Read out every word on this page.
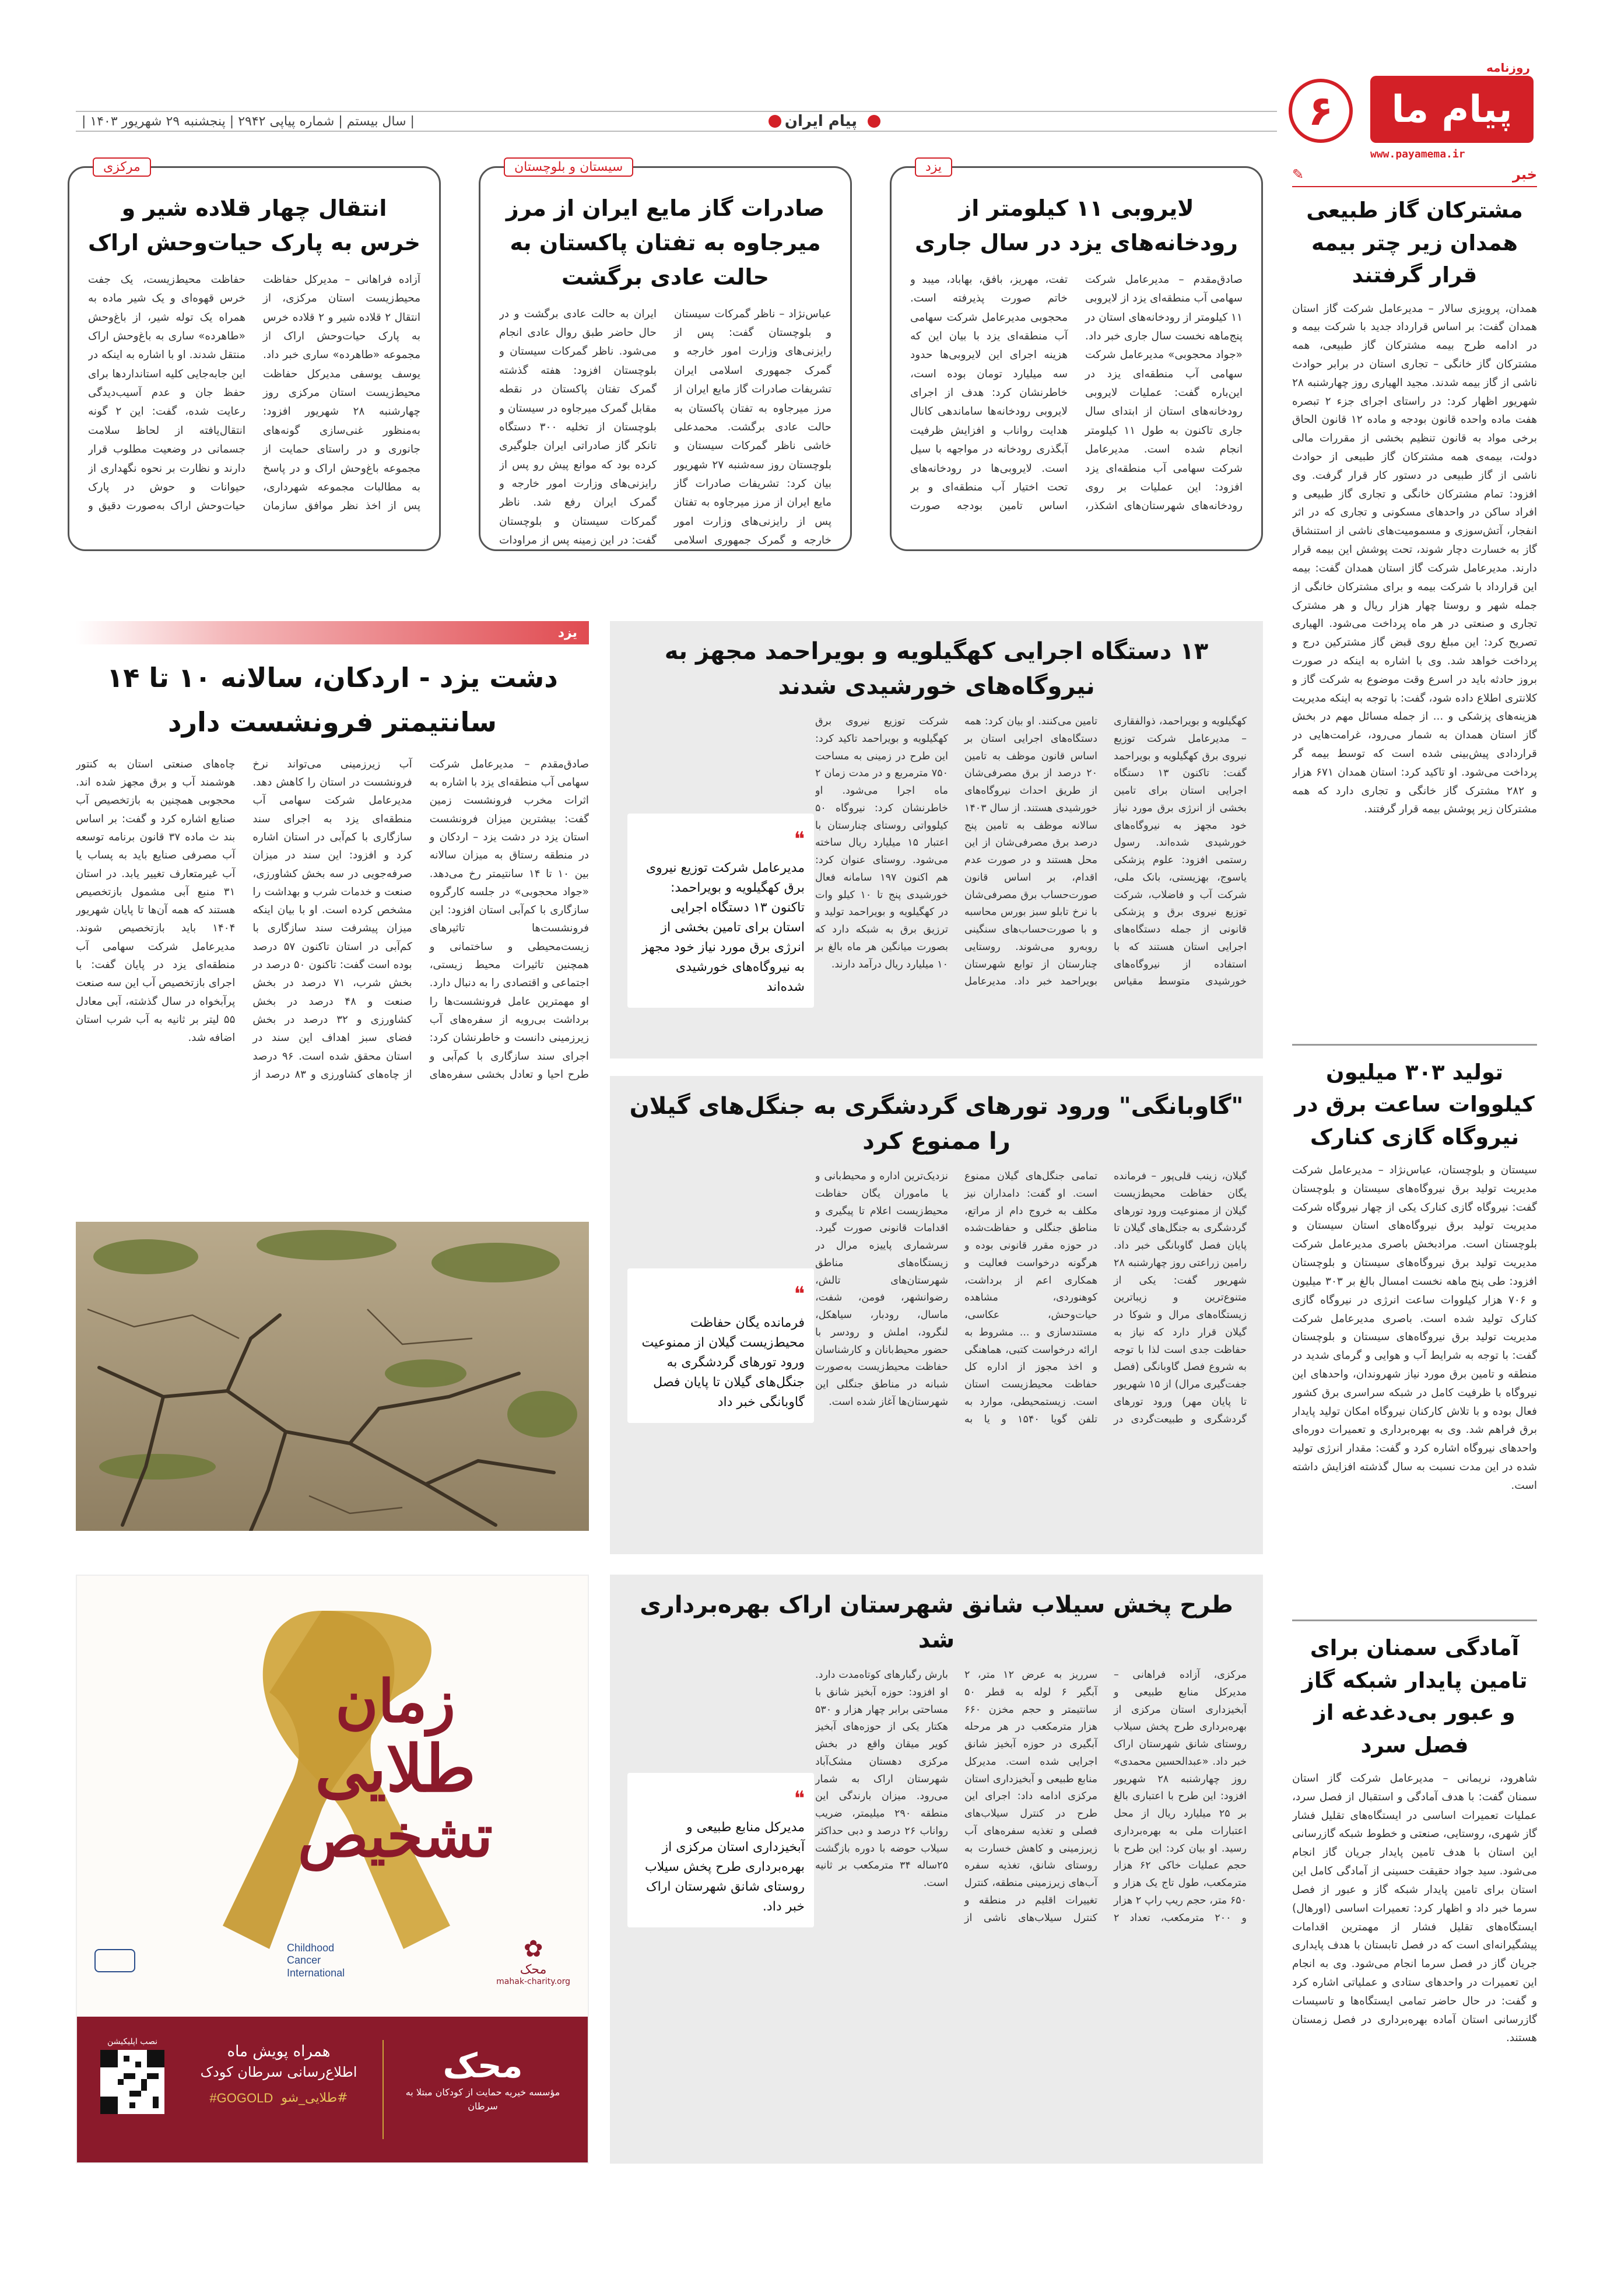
روزنامه
پیام ما
www.payamema.ir
۶
پیام ایران
| سال بیستم | شماره پیاپی ۲۹۴۲ | پنجشنبه ۲۹ شهریور ۱۴۰۳ |
خبر
✎
مشترکان گاز طبیعی همدان زیر چتر بیمه قرار گرفتند

همدان، پرویزی سالار – مدیرعامل شرکت گاز استان همدان گفت: بر اساس قرارداد جدید با شرکت بیمه و در ادامه طرح بیمه مشترکان گاز طبیعی، همه مشترکان گاز خانگی – تجاری استان در برابر حوادث ناشی از گاز بیمه شدند. مجید الهیاری روز چهارشنبه ۲۸ شهریور اظهار کرد: در راستای اجرای جزء ۲ تبصره هفت ماده واحده قانون بودجه و ماده ۱۲ قانون الحاق برخی مواد به قانون تنظیم بخشی از مقررات مالی دولت، بیمه‌ی همه مشترکان گاز طبیعی از حوادث ناشی از گاز طبیعی در دستور کار قرار گرفت. وی افزود: تمام مشترکان خانگی و تجاری گاز طبیعی و افراد ساکن در واحدهای مسکونی و تجاری که در اثر انفجار، آتش‌سوزی و مسمومیت‌های ناشی از استنشاق گاز به خسارت دچار شوند، تحت پوشش این بیمه قرار دارند. مدیرعامل شرکت گاز استان همدان گفت: بیمه این قرارداد با شرکت بیمه و برای مشترکان خانگی از جمله شهر و روستا چهار هزار ریال و هر مشترک تجاری و صنعتی در هر ماه پرداخت می‌شود. الهیاری تصریح کرد: این مبلغ روی قبض گاز مشترکین درج و پرداخت خواهد شد. وی با اشاره به اینکه در صورت بروز حادثه باید در اسرع وقت موضوع به شرکت گاز و کلانتری اطلاع داده شود، گفت: با توجه به اینکه مدیریت هزینه‌های پزشکی و ... از جمله مسائل مهم در بخش گاز استان همدان به شمار می‌رود، غرامت‌هایی در قراردادی پیش‌بینی شده است که توسط بیمه گر پرداخت می‌شود. او تاکید کرد: استان همدان ۶۷۱ هزار و ۲۸۲ مشترک گاز خانگی و تجاری دارد که همه مشترکان زیر پوشش بیمه قرار گرفتند.

تولید ۳۰۳ میلیون کیلووات ساعت برق در نیروگاه گازی کنارک

سیستان و بلوچستان، عباس‌نژاد – مدیرعامل شرکت مدیریت تولید برق نیروگاه‌های سیستان و بلوچستان گفت: نیروگاه گازی کنارک یکی از چهار نیروگاه شرکت مدیریت تولید برق نیروگاه‌های استان سیستان و بلوچستان است. مرادبخش باصری مدیرعامل شرکت مدیریت تولید برق نیروگاه‌های سیستان و بلوچستان افزود: طی پنج ماهه نخست امسال بالغ بر ۳۰۳ میلیون و ۷۰۶ هزار کیلووات ساعت انرژی در نیروگاه گازی کنارک تولید شده است. باصری مدیرعامل شرکت مدیریت تولید برق نیروگاه‌های سیستان و بلوچستان گفت: با توجه به شرایط آب و هوایی و گرمای شدید در منطقه و تامین برق مورد نیاز شهروندان، واحدهای این نیروگاه با ظرفیت کامل در شبکه سراسری برق کشور فعال بوده و با تلاش کارکنان نیروگاه امکان تولید پایدار برق فراهم شد. وی به بهره‌برداری و تعمیرات دوره‌ای واحدهای نیروگاه اشاره کرد و گفت: مقدار انرژی تولید شده در این مدت نسبت به سال گذشته افزایش داشته است.

آمادگی سمنان برای تامین پایدار شبکه گاز و عبور بی‌دغدغه از فصل سرد

شاهرود، نریمانی – مدیرعامل شرکت گاز استان سمنان گفت: با هدف آمادگی و استقبال از فصل سرد، عملیات تعمیرات اساسی در ایستگاه‌های تقلیل فشار گاز شهری، روستایی، صنعتی و خطوط شبکه گازرسانی این استان با هدف تامین پایدار جریان گاز انجام می‌شود. سید جواد حقیقت حسینی از آمادگی کامل این استان برای تامین پایدار شبکه گاز و عبور از فصل سرما خبر داد و اظهار کرد: تعمیرات اساسی (اورهال) ایستگاه‌های تقلیل فشار از مهمترین اقدامات پیشگیرانه‌ای است که در فصل تابستان با هدف پایداری جریان گاز در فصل سرما انجام می‌شود. وی به انجام این تعمیرات در واحدهای ستادی و عملیاتی اشاره کرد و گفت: در حال حاضر تمامی ایستگاه‌ها و تاسیسات گازرسانی استان آماده بهره‌برداری در فصل زمستان هستند.

یزد
لایروبی ۱۱ کیلومتر از رودخانه‌های یزد در سال جاری

صادق‌مقدم – مدیرعامل شرکت سهامی آب منطقه‌ای یزد از لایروبی ۱۱ کیلومتر از رودخانه‌های استان در پنج‌ماهه نخست سال جاری خبر داد. «جواد محجوبی» مدیرعامل شرکت سهامی آب منطقه‌ای یزد در این‌باره گفت: عملیات لایروبی رودخانه‌های استان از ابتدای سال جاری تاکنون به طول ۱۱ کیلومتر انجام شده است. مدیرعامل شرکت سهامی آب منطقه‌ای یزد افزود: این عملیات بر روی رودخانه‌های شهرستان‌های اشکذر، تفت، مهریز، بافق، بهاباد، میبد و خاتم صورت پذیرفته است. محجوبی مدیرعامل شرکت سهامی آب منطقه‌ای یزد با بیان این که هزینه اجرای این لایروبی‌ها حدود سه میلیارد تومان بوده است، خاطرنشان کرد: هدف از اجرای لایروبی رودخانه‌ها ساماندهی کانال هدایت رواناب و افزایش ظرفیت آبگذری رودخانه در مواجهه با سیل است. لایروبی‌ها در رودخانه‌های تحت اختیار آب منطقه‌ای و بر اساس تامین بودجه صورت

سیستان و بلوچستان
صادرات گاز مایع ایران از مرز میرجاوه به تفتان پاکستان به حالت عادی برگشت

عباس‌نژاد – ناظر گمرکات سیستان و بلوچستان گفت: پس از رایزنی‌های وزارت امور خارجه و گمرک جمهوری اسلامی ایران تشریفات صادرات گاز مایع ایران از مرز میرجاوه به تفتان پاکستان به حالت عادی برگشت. محمدعلی خاشی ناظر گمرکات سیستان و بلوچستان روز سه‌شنبه ۲۷ شهریور بیان کرد: تشریفات صادرات گاز مایع ایران از مرز میرجاوه به تفتان پس از رایزنی‌های وزارت امور خارجه و گمرک جمهوری اسلامی ایران به حالت عادی برگشت و در حال حاضر طبق روال عادی انجام می‌شود. ناظر گمرکات سیستان و بلوچستان افزود: هفته گذشته گمرک تفتان پاکستان در نقطه مقابل گمرک میرجاوه در سیستان و بلوچستان از تخلیه ۳۰۰ دستگاه تانکر گاز صادراتی ایران جلوگیری کرده بود که موانع پیش رو پس از رایزنی‌های وزارت امور خارجه و گمرک ایران رفع شد. ناظر گمرکات سیستان و بلوچستان گفت: در این زمینه پس از مراودات

مرکزی
انتقال چهار قلاده شیر و خرس به پارک حیات‌وحش اراک

آزاده فراهانی – مدیرکل حفاظت محیط‌زیست استان مرکزی، از انتقال ۲ قلاده شیر و ۲ قلاده خرس به پارک حیات‌وحش اراک از مجموعه «طاهرده» ساری خبر داد. یوسف یوسفی مدیرکل حفاظت محیط‌زیست استان مرکزی روز چهارشنبه ۲۸ شهریور افزود: به‌منظور غنی‌سازی گونه‌های جانوری و در راستای حمایت از مجموعه باغ‌وحش اراک و در پاسخ به مطالبات مجموعه شهرداری، پس از اخذ نظر موافق سازمان حفاظت محیط‌زیست، یک جفت خرس قهوه‌ای و یک شیر ماده به همراه یک توله شیر، از باغ‌وحش «طاهرده» ساری به باغ‌وحش اراک منتقل شدند. او با اشاره به اینکه در این جابه‌جایی کلیه استانداردها برای حفظ جان و عدم آسیب‌دیدگی رعایت شده، گفت: این ۲ گونه انتقال‌یافته از لحاظ سلامت جسمانی در وضعیت مطلوب قرار دارند و نظارت بر نحوه نگهداری از حیوانات و حوش در پارک حیات‌وحش اراک به‌صورت دقیق و

۱۳ دستگاه اجرایی کهگیلویه و بویراحمد مجهز به نیروگاه‌های خورشیدی شدند
کهگیلویه و بویراحمد، ذوالفقاری – مدیرعامل شرکت توزیع نیروی برق کهگیلویه و بویراحمد گفت: تاکنون ۱۳ دستگاه اجرایی استان برای تامین بخشی از انرژی برق مورد نیاز خود مجهز به نیروگاه‌های خورشیدی شده‌اند. رسول رستمی افزود: علوم پزشکی یاسوج، بهزیستی، بانک ملی، شرکت آب و فاضلاب، شرکت توزیع نیروی برق و پزشکی قانونی از جمله دستگاه‌های اجرایی استان هستند که با استفاده از نیروگاه‌های خورشیدی متوسط مقیاس تامین می‌کنند. او بیان کرد: همه دستگاه‌های اجرایی استان بر اساس قانون موظف به تامین ۲۰ درصد از برق مصرفی‌شان از طریق احداث نیروگاه‌های خورشیدی هستند. از سال ۱۴۰۳ سالانه موظف به تامین پنج درصد برق مصرفی‌شان از این محل هستند و در صورت عدم اقدام، بر اساس قانون صورت‌حساب برق مصرفی‌شان با نرخ تابلو سبز بورس محاسبه و با صورت‌حساب‌های سنگینی روبه‌رو می‌شوند. روستایی چنارستان از توابع شهرستان بویراحمد خبر داد. مدیرعامل شرکت توزیع نیروی برق کهگیلویه و بویراحمد تاکید کرد: این طرح در زمینی به مساحت ۷۵۰ مترمربع و در مدت زمان ۲ ماه اجرا می‌شود. او خاطرنشان کرد: نیروگاه ۵۰ کیلوواتی روستای چنارستان با اعتبار ۱۵ میلیارد ریال ساخته می‌شود. روستای عنوان کرد: هم اکنون ۱۹۷ سامانه فعال خورشیدی پنج تا ۱۰ کیلو وات در کهگیلویه و بویراحمد تولید و ترزیق برق به شبکه دارد که بصورت میانگین هر ماه بالغ بر ۱۰ میلیارد ریال درآمد دارند.
❝
مدیرعامل شرکت توزیع نیروی برق کهگیلویه و بویراحمد: تاکنون ۱۳ دستگاه اجرایی استان برای تامین بخشی از انرژی برق مورد نیاز خود مجهز به نیروگاه‌های خورشیدی شده‌اند
"گاوبانگی" ورود تورهای گردشگری به جنگل‌های گیلان را ممنوع کرد
گیلان، زینب قلی‌پور – فرمانده یگان حفاظت محیط‌زیست گیلان از ممنوعیت ورود تورهای گردشگری به جنگل‌های گیلان تا پایان فصل گاوبانگی خبر داد. رامین زراعتی روز چهارشنبه ۲۸ شهریور گفت: یکی از متنوع‌ترین و زیباترین زیستگاه‌های مرال و شوکا در گیلان قرار دارد که نیاز به حفاظت جدی است لذا با توجه به شروع فصل گاوبانگی (فصل جفت‌گیری مرال) از ۱۵ شهریور تا پایان مهر) ورود تورهای گردشگری و طبیعت‌گردی در تمامی جنگل‌های گیلان ممنوع است. او گفت: دامداران نیز مکلف به خروج دام از مراتع، مناطق جنگلی و حفاظت‌شده در حوزه مقرر قانونی بوده و هرگونه درخواست فعالیت و همکاری اعم از برداشت، کوهنوردی، مشاهده حیات‌وحش، عکاسی، مستندسازی و ... مشروط به ارائه درخواست کتبی، هماهنگی و اخذ مجوز از اداره کل حفاظت محیط‌زیست استان است. زیستمحیطی، موارد به تلفن گویا ۱۵۴۰ و یا به نزدیک‌ترین اداره و محیط‌بانی و یا ماموران یگان حفاظت محیط‌زیست اعلام تا پیگیری و اقدامات قانونی صورت گیرد. سرشماری پاییزه مرال در زیستگاه‌های مناطق شهرستان‌های تالش، رضوانشهر، فومن، شفت، ماسال، رودبار، سیاهکل، لنگرود، املش و رودسر با حضور محیط‌بانان و کارشناسان حفاظت محیط‌زیست به‌صورت شبانه در مناطق جنگلی این شهرستان‌ها آغاز شده است.
❝
فرمانده یگان حفاظت محیط‌زیست گیلان از ممنوعیت ورود تورهای گردشگری به جنگل‌های گیلان تا پایان فصل گاوبانگی خبر داد
طرح پخش سیلاب شانق شهرستان اراک بهره‌برداری شد
مرکزی، آزاده فراهانی – مدیرکل منابع طبیعی و آبخیزداری استان مرکزی از بهره‌برداری طرح پخش سیلاب روستای شانق شهرستان اراک خبر داد. «عبدالحسین محمدی» روز چهارشنبه ۲۸ شهریور افزود: این طرح با اعتباری بالغ بر ۲۵ میلیارد ریال از محل اعتبارات ملی به بهره‌برداری رسید. او بیان کرد: این طرح با حجم عملیات خاکی ۶۲ هزار مترمکعب، طول تاج یک هزار و ۶۵۰ متر، حجم ریپ راپ ۲ هزار و ۲۰۰ مترمکعب، تعداد ۲ سرریز به عرض ۱۲ متر، ۲ آبگیر ۶ لوله به قطر ۵۰ سانتیمتر و حجم مخزن ۶۶۰ هزار مترمکعب در هر مرحله آبگیری در حوزه آبخیز شانق اجرایی شده است. مدیرکل منابع طبیعی و آبخیزداری استان مرکزی ادامه داد: اجرای این طرح در کنترل سیلاب‌های فصلی و تغذیه سفره‌های آب زیرزمینی و کاهش خسارت به روستای شانق، تغذیه سفره آب‌های زیرزمینی منطقه، کنترل تغییرات اقلیم در منطقه و کنترل سیلاب‌های ناشی از بارش رگبارهای کوتاه‌مدت دارد. او افزود: حوزه آبخیز شانق با مساحتی برابر چهار هزار و ۵۳۰ هکتار یکی از حوزه‌های آبخیز کویر میقان واقع در بخش مرکزی دهستان مشک‌آباد شهرستان اراک به شمار می‌رود. میزان بارندگی این منطقه ۲۹۰ میلیمتر، ضریب رواناب ۲۶ درصد و دبی حداکثر سیلاب حوضه با دوره بازگشت ۲۵ساله ۳۴ مترمکعب بر ثانیه است.
❝
مدیرکل منابع طبیعی و آبخیزداری استان مرکزی از بهره‌برداری طرح پخش سیلاب روستای شانق شهرستان اراک خبر داد.
یزد
دشت یزد - اردکان، سالانه ۱۰ تا ۱۴ سانتیمتر فرونشست دارد
صادق‌مقدم – مدیرعامل شرکت سهامی آب منطقه‌ای یزد با اشاره به اثرات مخرب فرونشست زمین گفت: بیشترین میزان فرونشست استان یزد در دشت یزد – اردکان و در منطقه رستاق به میزان سالانه بین ۱۰ تا ۱۴ سانتیمتر رخ می‌دهد. «جواد محجوبی» در جلسه کارگروه سازگاری با کم‌آبی استان افزود: این فرونشست‌ها تاثیرهای زیست‌محیطی و ساختمانی و همچنین تاثیرات محیط زیستی، اجتماعی و اقتصادی را به دنبال دارد. او مهمترین عامل فرونشست‌ها را برداشت بی‌رویه از سفره‌های آب زیرزمینی دانست و خاطرنشان کرد: اجرای سند سازگاری با کم‌آبی و طرح احیا و تعادل بخشی سفره‌های آب زیرزمینی می‌تواند نرخ فرونشست در استان را کاهش دهد. مدیرعامل شرکت سهامی آب منطقه‌ای یزد به اجرای سند سازگاری با کم‌آبی در استان اشاره کرد و افزود: این سند در میزان صرفه‌جویی در سه بخش کشاورزی، صنعت و خدمات شرب و بهداشت را مشخص کرده است. او با بیان اینکه میزان پیشرفت سند سازگاری با کم‌آبی در استان تاکنون ۵۷ درصد بوده است گفت: تاکنون ۵۰ درصد در بخش شرب، ۷۱ درصد در بخش صنعت و ۴۸ درصد در بخش کشاورزی و ۳۲ درصد در بخش فضای سبز اهداف این سند در استان محقق شده است. ۹۶ درصد از چاه‌های کشاورزی و ۸۳ درصد از چاه‌های صنعتی استان به کنتور هوشمند آب و برق مجهز شده اند. محجوبی همچنین به بازتخصیص آب صنایع اشاره کرد و گفت: بر اساس بند ث ماده ۳۷ قانون برنامه توسعه آب مصرفی صنایع باید به پساب یا آب غیرمتعارف تغییر یابد. در استان ۳۱ منبع آبی مشمول بازتخصیص هستند که همه آن‌ها تا پایان شهریور ۱۴۰۴ باید بازتخصیص شوند. مدیرعامل شرکت سهامی آب منطقه‌ای یزد در پایان گفت: با اجرای بازتخصیص آب این سه صنعت پرآبخواه در سال گذشته، آبی معادل ۵۵ لیتر بر ثانیه به آب شرب استان اضافه شد.
زمان
طلایی
تشخیص
Childhood
Cancer
International
✿
محک
mahak-charity.org
محک
مؤسسه خیریه حمایت از کودکان مبتلا به سرطان
همراه پویش ماه
اطلاع‌رسانی سرطان کودک
#طلایی_شو
#GOGOLD
نصب اپلیکیشن
